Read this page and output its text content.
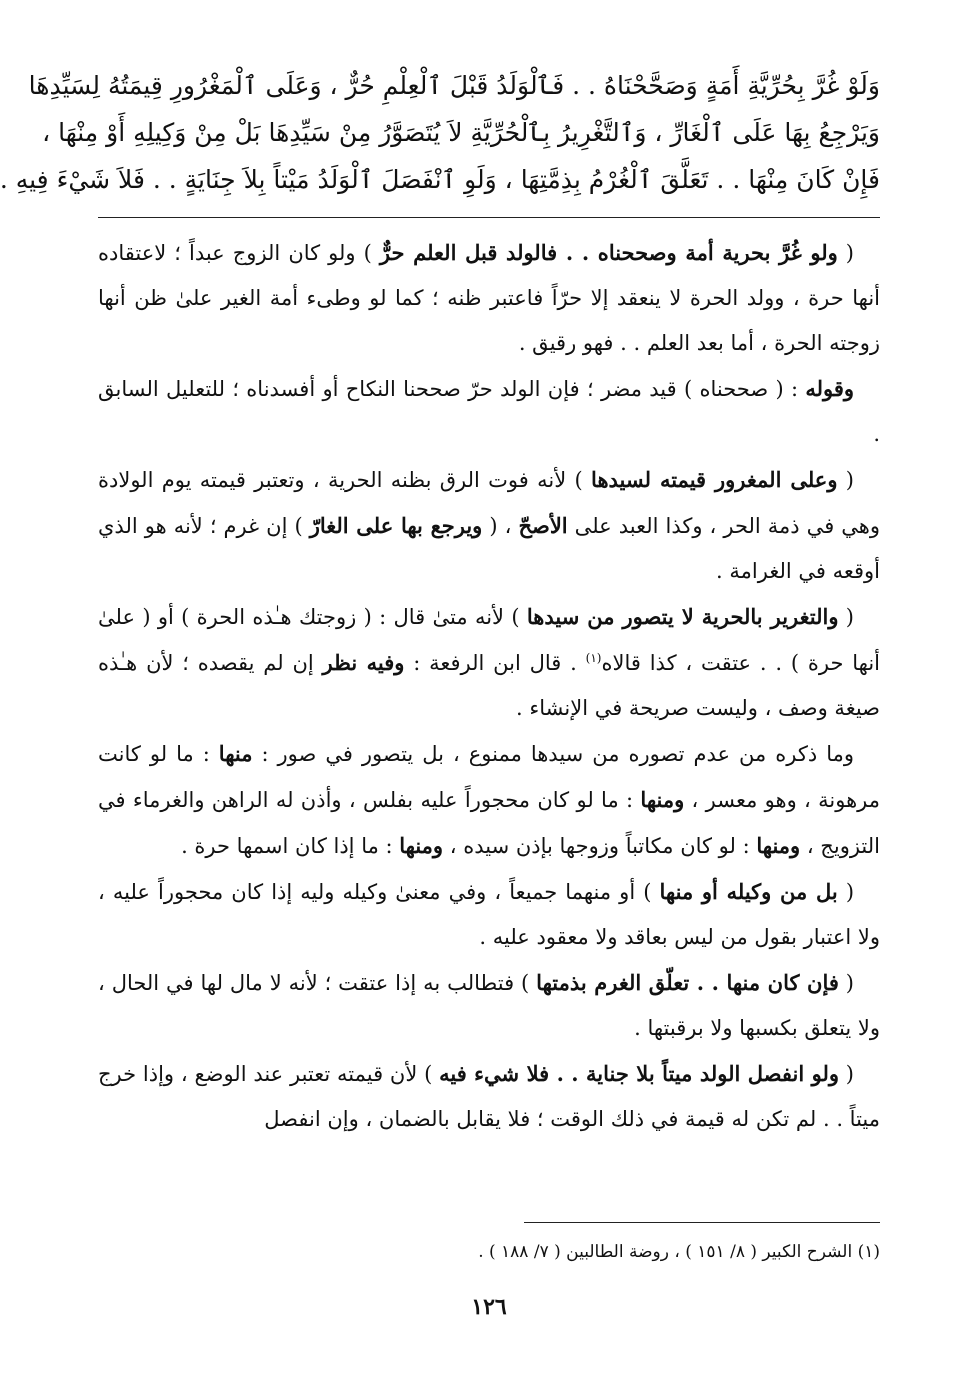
وَلَوْ غُرَّ بِحُرِّيَّةِ أَمَةٍ وَصَحَّحْنَاهُ . . فَٱلْوَلَدُ قَبْلَ ٱلْعِلْمِ حُرٌّ ، وَعَلَى ٱلْمَغْرُورِ قِيمَتُهُ لِسَيِّدِهَا
وَيَرْجِعُ بِهَا عَلَى ٱلْغَارِّ ، وَٱلتَّغْرِيرُ بِٱلْحُرِّيَّةِ لاَ يُتَصَوَّرُ مِنْ سَيِّدِهَا بَلْ مِنْ وَكِيلِهِ أَوْ مِنْهَا ،
فَإِنْ كَانَ مِنْهَا . . تَعَلَّقَ ٱلْغُرْمُ بِذِمَّتِهَا ، وَلَوِ ٱنْفَصَلَ ٱلْوَلَدُ مَيْتاً بِلاَ جِنَايَةٍ . . فَلاَ شَيْءَ فِيهِ .

( ولو غُرَّ بحرية أمة وصححناه . . فالولد قبل العلم حرٌّ ) ولو كان الزوج عبداً ؛ لاعتقاده أنها حرة ، وولد الحرة لا ينعقد إلا حرّاً فاعتبر ظنه ؛ كما لو وطىء أمة الغير علىٰ ظن أنها زوجته الحرة ، أما بعد العلم . . فهو رقيق .

وقوله : ( صححناه ) قيد مضر ؛ فإن الولد حرّ صححنا النكاح أو أفسدناه ؛ للتعليل السابق .

( وعلى المغرور قيمته لسيدها ) لأنه فوت الرق بظنه الحرية ، وتعتبر قيمته يوم الولادة وهي في ذمة الحر ، وكذا العبد على الأصحّ ، ( ويرجع بها على الغارّ ) إن غرم ؛ لأنه هو الذي أوقعه في الغرامة .

( والتغرير بالحرية لا يتصور من سيدها ) لأنه متىٰ قال : ( زوجتك هـٰذه الحرة ) أو ( علىٰ أنها حرة ) . . عتقت ، كذا قالاه$^{(١)}$ . قال ابن الرفعة : وفيه نظر إن لم يقصده ؛ لأن هـٰذه صيغة وصف ، وليست صريحة في الإنشاء .

وما ذكره من عدم تصوره من سيدها ممنوع ، بل يتصور في صور : منها : ما لو كانت مرهونة ، وهو معسر ، ومنها : ما لو كان محجوراً عليه بفلس ، وأذن له الراهن والغرماء في التزويج ، ومنها : لو كان مكاتباً وزوجها بإذن سيده ، ومنها : ما إذا كان اسمها حرة .

( بل من وكيله أو منها ) أو منهما جميعاً ، وفي معنىٰ وكيله وليه إذا كان محجوراً عليه ، ولا اعتبار بقول من ليس بعاقد ولا معقود عليه .

( فإن كان منها . . تعلّق الغرم بذمتها ) فتطالب به إذا عتقت ؛ لأنه لا مال لها في الحال ، ولا يتعلق بكسبها ولا برقبتها .

( ولو انفصل الولد ميتاً بلا جناية . . فلا شيء فيه ) لأن قيمته تعتبر عند الوضع ، وإذا خرج ميتاً . . لم تكن له قيمة في ذلك الوقت ؛ فلا يقابل بالضمان ، وإن انفصل

(١) الشرح الكبير ( ٨/ ١٥١ ) ، روضة الطالبين ( ٧/ ١٨٨ ) .
١٢٦
